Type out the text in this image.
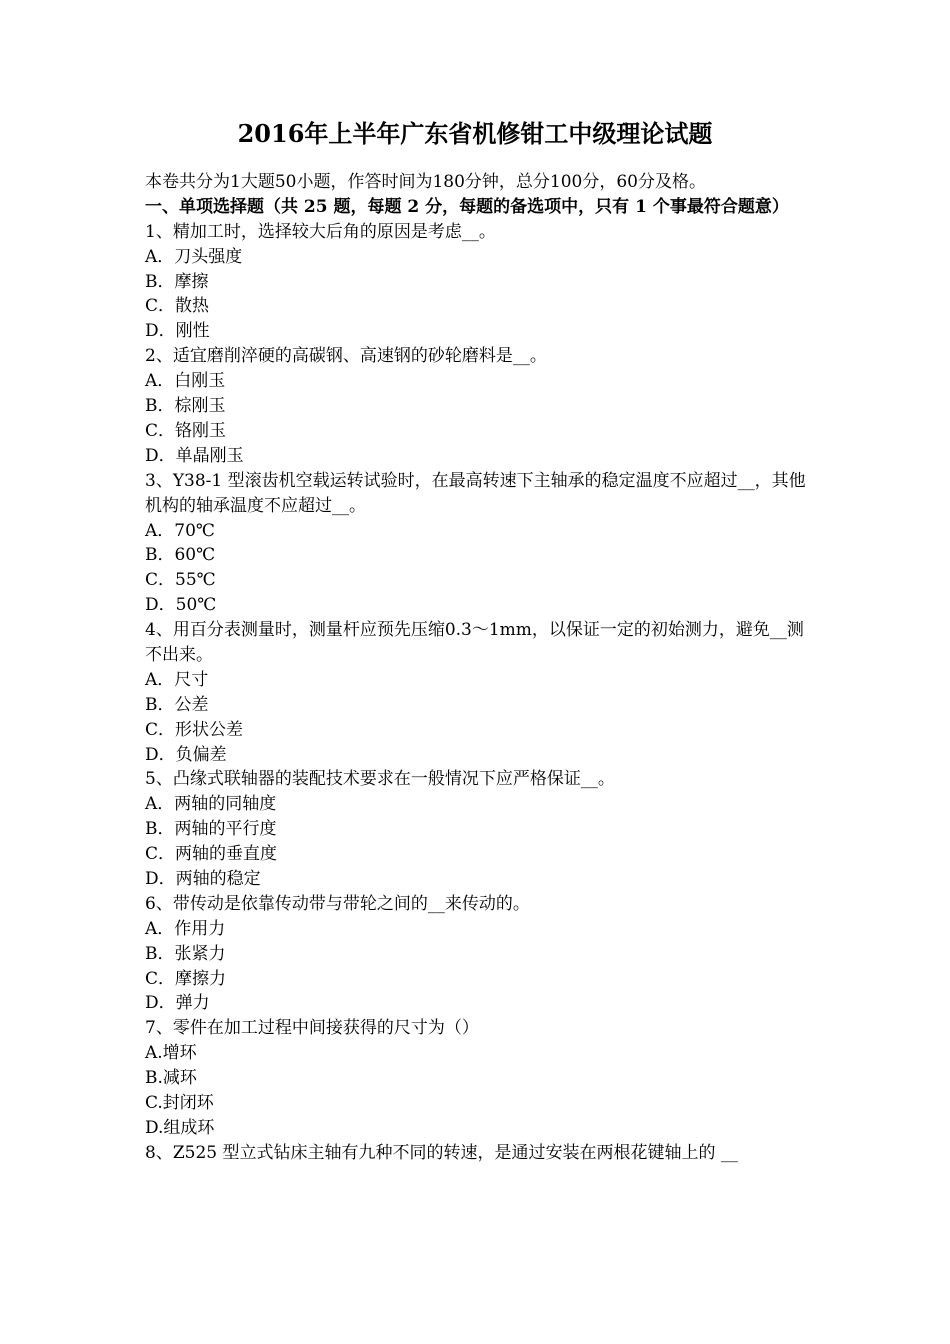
2016年上半年广东省机修钳工中级理论试题
本卷共分为1大题50小题，作答时间为180分钟，总分100分，60分及格。
一、单项选择题（共 25 题，每题 2 分，每题的备选项中，只有 1 个事最符合题意）
1、精加工时，选择较大后角的原因是考虑__。
A．刀头强度
B．摩擦
C．散热
D．刚性
2、适宜磨削淬硬的高碳钢、高速钢的砂轮磨料是__。
A．白刚玉
B．棕刚玉
C．铬刚玉
D．单晶刚玉
3、Y38-1 型滚齿机空载运转试验时，在最高转速下主轴承的稳定温度不应超过__，其他机构的轴承温度不应超过__。
A．70℃
B．60℃
C．55℃
D．50℃
4、用百分表测量时，测量杆应预先压缩0.3～1mm，以保证一定的初始测力，避免__测不出来。
A．尺寸
B．公差
C．形状公差
D．负偏差
5、凸缘式联轴器的装配技术要求在一般情况下应严格保证__。
A．两轴的同轴度
B．两轴的平行度
C．两轴的垂直度
D．两轴的稳定
6、带传动是依靠传动带与带轮之间的__来传动的。
A．作用力
B．张紧力
C．摩擦力
D．弹力
7、零件在加工过程中间接获得的尺寸为（）
A.增环
B.减环
C.封闭环
D.组成环
8、Z525 型立式钻床主轴有九种不同的转速，是通过安装在两根花键轴上的 __
